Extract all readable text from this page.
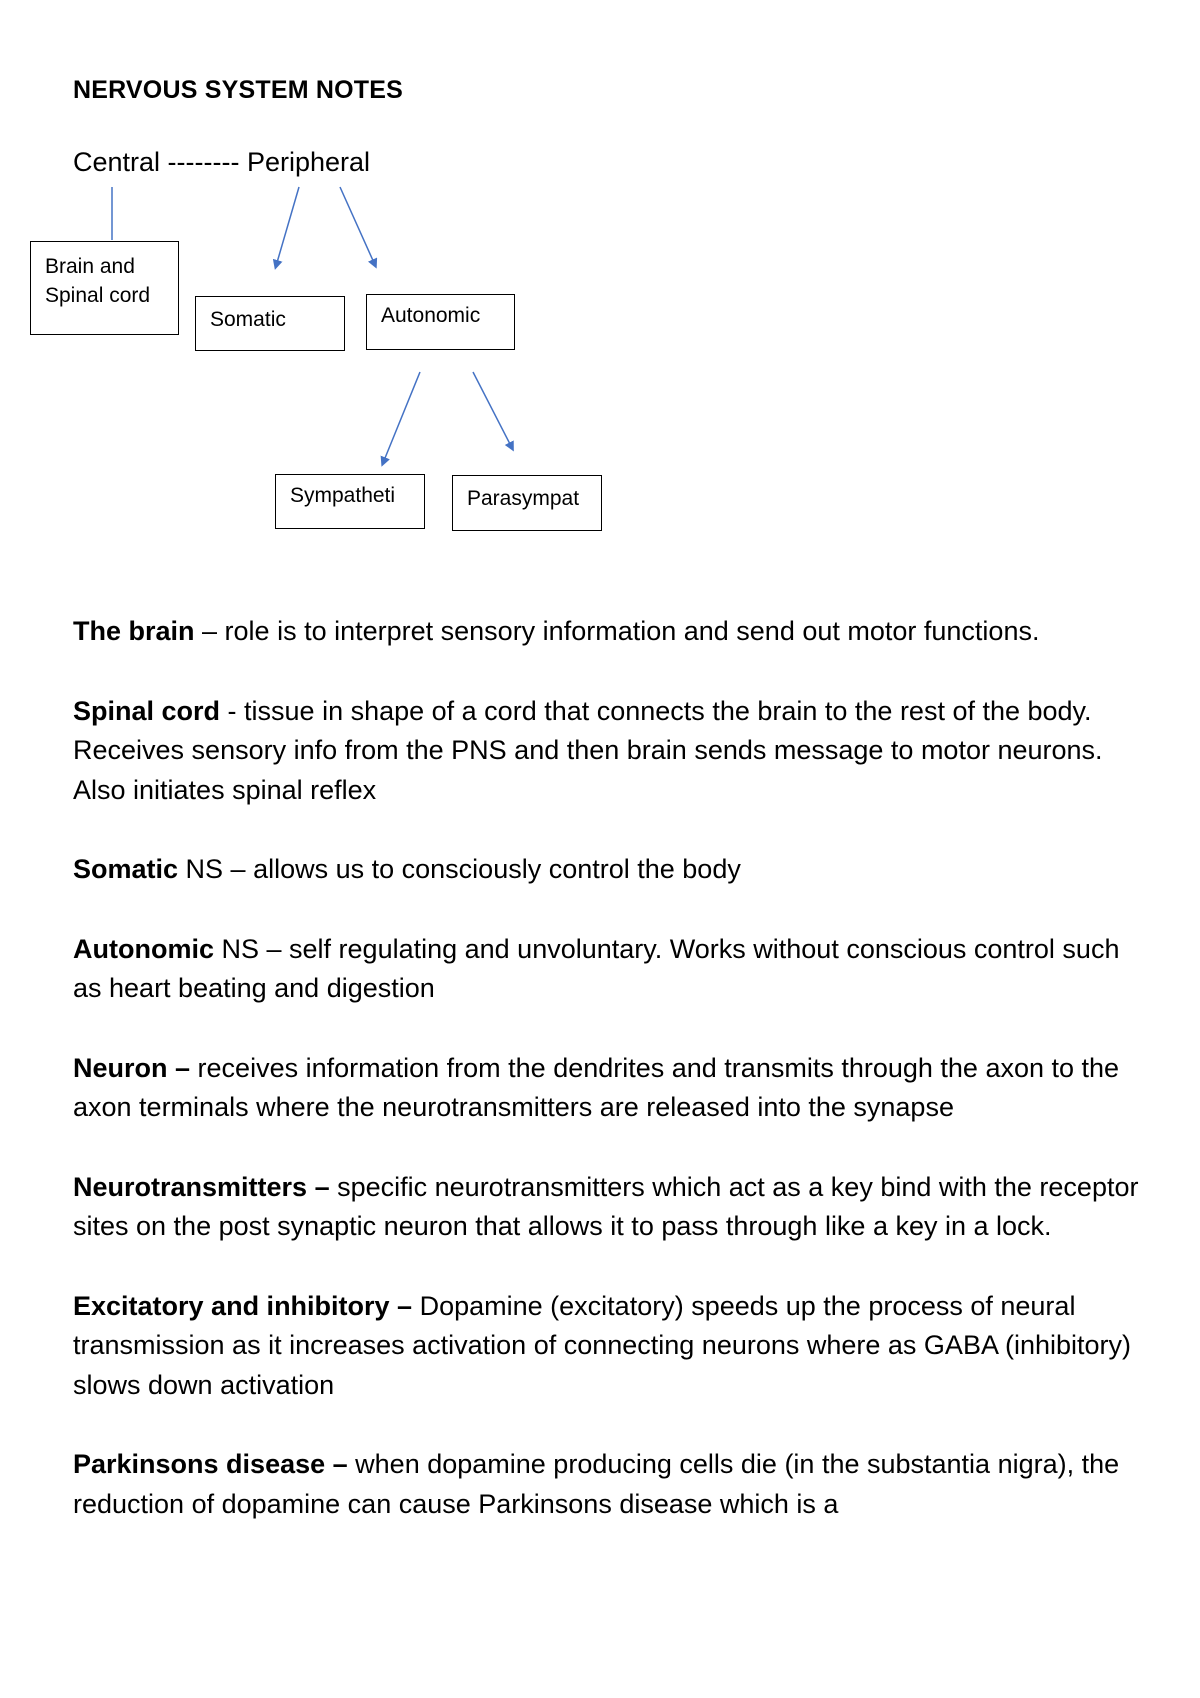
NERVOUS SYSTEM NOTES
Central -------- Peripheral
Brain and Spinal cord
Somatic	Autonomic
Sympatheti	Parasympat

The brain – role is to interpret sensory information and send out motor functions.

Spinal cord - tissue in shape of a cord that connects the brain to the rest of the body. Receives sensory info from the PNS and then brain sends message to motor neurons. Also initiates spinal reflex

Somatic NS – allows us to consciously control the body

Autonomic NS – self regulating and unvoluntary. Works without conscious control such as heart beating and digestion

Neuron – receives information from the dendrites and transmits through the axon to the axon terminals where the neurotransmitters are released into the synapse

Neurotransmitters – specific neurotransmitters which act as a key bind with the receptor sites on the post synaptic neuron that allows it to pass through like a key in a lock.

Excitatory and inhibitory – Dopamine (excitatory) speeds up the process of neural transmission as it increases activation of connecting neurons where as GABA (inhibitory) slows down activation

Parkinsons disease – when dopamine producing cells die (in the substantia nigra), the reduction of dopamine can cause Parkinsons disease which is a
